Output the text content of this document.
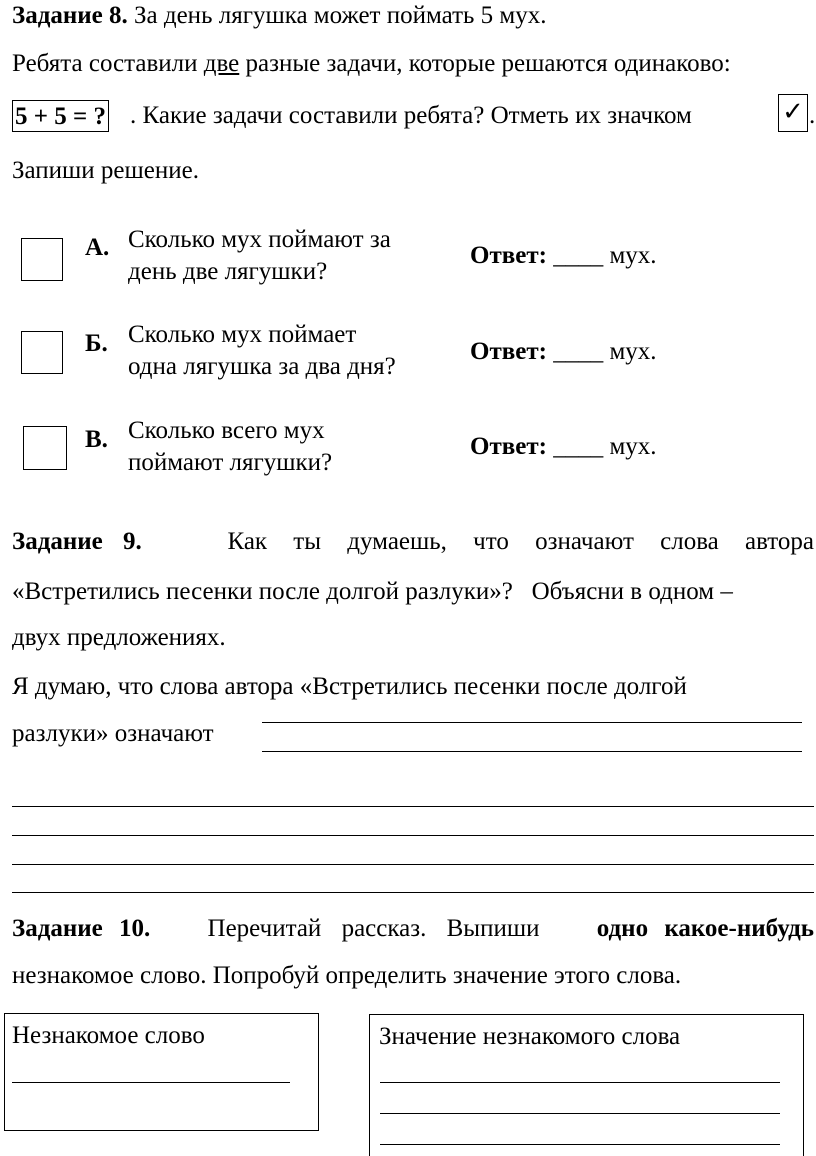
Задание 8. За день лягушка может поймать 5 мух.
Ребята составили две разные задачи, которые решаются одинаково:
5 + 5 = ? . Какие задачи составили ребята? Отметь их значком	✓ .
Запиши решение.
А. Сколько мух поймают за
день две лягушки?
Ответ: ____ мух.
Б. Сколько мух поймает
одна лягушка за два дня?
Ответ: ____ мух.
В. Сколько всего мух
поймают лягушки?
Ответ: ____ мух.
Задание 9.	Как ты думаешь, что означают слова автора
«Встретились песенки после долгой разлуки»?   Объясни в одном –
двух предложениях.
Я думаю, что слова автора «Встретились песенки после долгой
разлуки» означают
Задание 10. Перечитай рассказ. Выпиши одно какое-нибудь
незнакомое слово. Попробуй определить значение этого слова.
Незнакомое слово	Значение незнакомого слова
